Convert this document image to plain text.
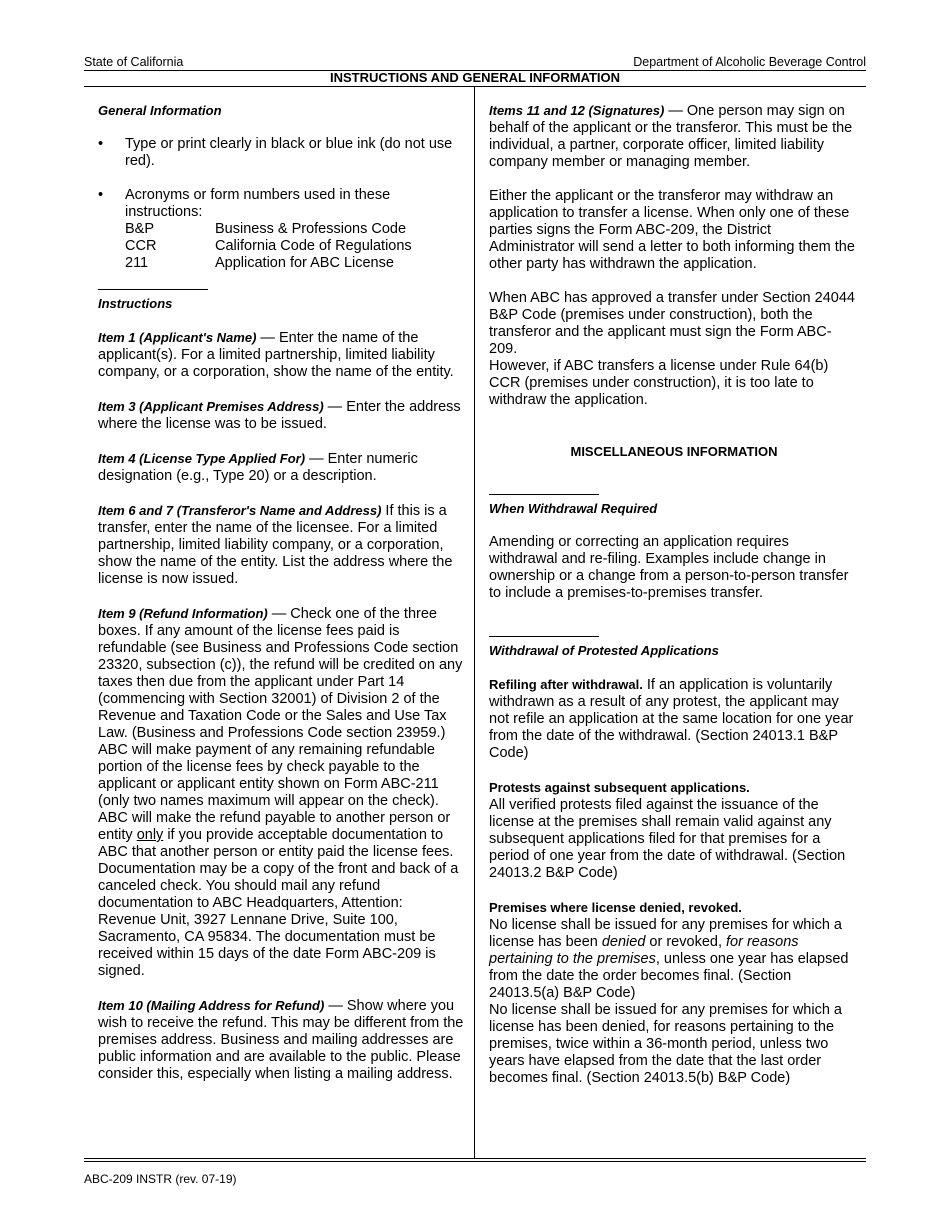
State of California	Department of Alcoholic Beverage Control
INSTRUCTIONS AND GENERAL INFORMATION

General Information

• Type or print clearly in black or blue ink (do not use red).
• Acronyms or form numbers used in these instructions:
B&P	Business & Professions Code
CCR	California Code of Regulations
211	Application for ABC License

Instructions

Item 1 (Applicant's Name) — Enter the name of the applicant(s). For a limited partnership, limited liability company, or a corporation, show the name of the entity.

Item 3 (Applicant Premises Address) — Enter the address where the license was to be issued.

Item 4 (License Type Applied For) — Enter numeric designation (e.g., Type 20) or a description.

Item 6 and 7 (Transferor's Name and Address) If this is a transfer, enter the name of the licensee. For a limited partnership, limited liability company, or a corporation, show the name of the entity. List the address where the license is now issued.

Item 9 (Refund Information) — Check one of the three boxes. If any amount of the license fees paid is refundable (see Business and Professions Code section 23320, subsection (c)), the refund will be credited on any taxes then due from the applicant under Part 14 (commencing with Section 32001) of Division 2 of the Revenue and Taxation Code or the Sales and Use Tax Law. (Business and Professions Code section 23959.) ABC will make payment of any remaining refundable portion of the license fees by check payable to the applicant or applicant entity shown on Form ABC-211 (only two names maximum will appear on the check). ABC will make the refund payable to another person or entity only if you provide acceptable documentation to ABC that another person or entity paid the license fees. Documentation may be a copy of the front and back of a canceled check. You should mail any refund documentation to ABC Headquarters, Attention: Revenue Unit, 3927 Lennane Drive, Suite 100, Sacramento, CA 95834. The documentation must be received within 15 days of the date Form ABC-209 is signed.

Item 10 (Mailing Address for Refund) — Show where you wish to receive the refund. This may be different from the premises address. Business and mailing addresses are public information and are available to the public. Please consider this, especially when listing a mailing address.

Items 11 and 12 (Signatures) — One person may sign on behalf of the applicant or the transferor. This must be the individual, a partner, corporate officer, limited liability company member or managing member.

Either the applicant or the transferor may withdraw an application to transfer a license. When only one of these parties signs the Form ABC-209, the District Administrator will send a letter to both informing them the other party has withdrawn the application.

When ABC has approved a transfer under Section 24044 B&P Code (premises under construction), both the transferor and the applicant must sign the Form ABC-209.
However, if ABC transfers a license under Rule 64(b) CCR (premises under construction), it is too late to withdraw the application.

MISCELLANEOUS INFORMATION

When Withdrawal Required

Amending or correcting an application requires withdrawal and re-filing. Examples include change in ownership or a change from a person-to-person transfer to include a premises-to-premises transfer.

Withdrawal of Protested Applications

Refiling after withdrawal. If an application is voluntarily withdrawn as a result of any protest, the applicant may not refile an application at the same location for one year from the date of the withdrawal. (Section 24013.1 B&P Code)

Protests against subsequent applications.
All verified protests filed against the issuance of the license at the premises shall remain valid against any subsequent applications filed for that premises for a period of one year from the date of withdrawal. (Section 24013.2 B&P Code)

Premises where license denied, revoked.
No license shall be issued for any premises for which a license has been denied or revoked, for reasons pertaining to the premises, unless one year has elapsed from the date the order becomes final. (Section 24013.5(a) B&P Code)

No license shall be issued for any premises for which a license has been denied, for reasons pertaining to the premises, twice within a 36-month period, unless two years have elapsed from the date that the last order becomes final. (Section 24013.5(b) B&P Code)

ABC-209 INSTR (rev. 07-19)
